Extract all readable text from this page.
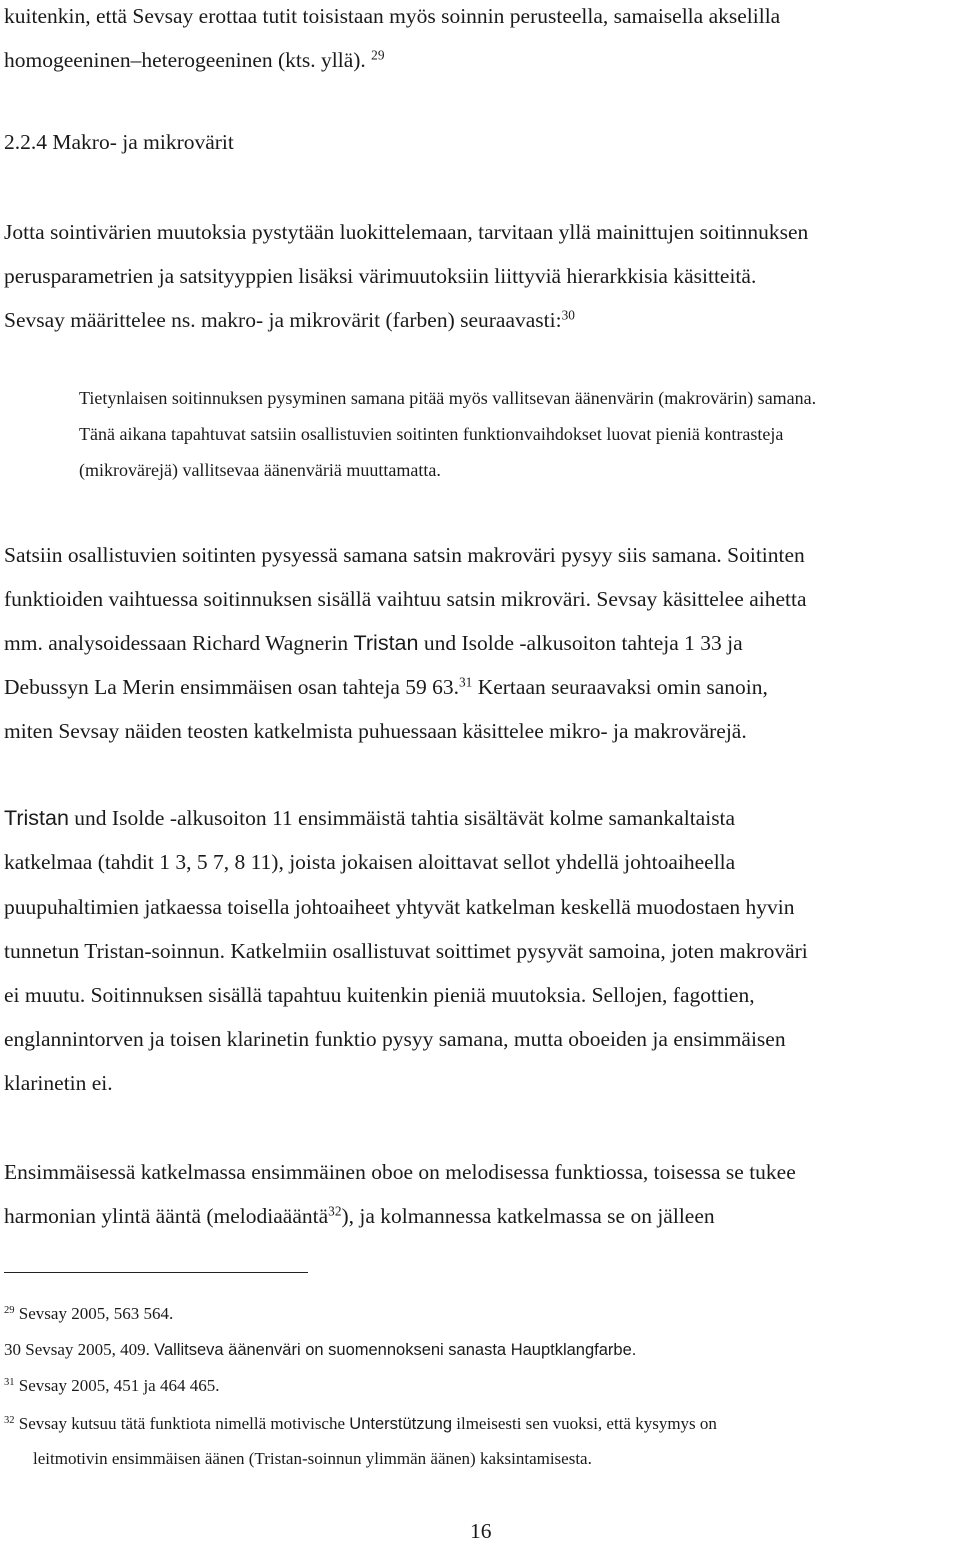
kuitenkin, että Sevsay erottaa tutit toisistaan myös soinnin perusteella, samaisella akselilla
homogeeninen–heterogeeninen (kts. yllä). $^{29}$
2.2.4 Makro- ja mikrovärit
Jotta sointivärien muutoksia pystytään luokittelemaan, tarvitaan yllä mainittujen soitinnuksen
perusparametrien ja satsityyppien lisäksi värimuutoksiin liittyviä hierarkkisia käsitteitä.
Sevsay määrittelee ns. makro- ja mikrovärit (farben) seuraavasti:$^{30}$
Tietynlaisen soitinnuksen pysyminen samana pitää myös vallitsevan äänenvärin (makrovärin) samana.
Tänä aikana tapahtuvat satsiin osallistuvien soitinten funktionvaihdokset luovat pieniä kontrasteja
(mikrovärejä) vallitsevaa äänenväriä muuttamatta.
Satsiin osallistuvien soitinten pysyessä samana satsin makroväri pysyy siis samana. Soitinten
funktioiden vaihtuessa soitinnuksen sisällä vaihtuu satsin mikroväri. Sevsay käsittelee aihetta
mm. analysoidessaan Richard Wagnerin Tristan und Isolde -alkusoiton tahteja 1 33 ja
Debussyn La Merin ensimmäisen osan tahteja 59 63.31 Kertaan seuraavaksi omin sanoin,
miten Sevsay näiden teosten katkelmista puhuessaan käsittelee mikro- ja makrovärejä.
Tristan und Isolde -alkusoiton 11 ensimmäistä tahtia sisältävät kolme samankaltaista
katkelmaa (tahdit 1 3, 5 7, 8 11), joista jokaisen aloittavat sellot yhdellä johtoaiheella
puupuhaltimien jatkaessa toisella johtoaiheet yhtyvät katkelman keskellä muodostaen hyvin
tunnetun Tristan-soinnun. Katkelmiin osallistuvat soittimet pysyvät samoina, joten makroväri
ei muutu. Soitinnuksen sisällä tapahtuu kuitenkin pieniä muutoksia. Sellojen, fagottien,
englannintorven ja toisen klarinetin funktio pysyy samana, mutta oboeiden ja ensimmäisen
klarinetin ei.
Ensimmäisessä katkelmassa ensimmäinen oboe on melodisessa funktiossa, toisessa se tukee
harmonian ylintä ääntä (melodiaääntä$^{32}$), ja kolmannessa katkelmassa se on jälleen
$^{29}$ Sevsay 2005, 563 564.
30 Sevsay 2005, 409. Vallitseva äänenväri on suomennokseni sanasta Hauptklangfarbe.
$^{31}$ Sevsay 2005, 451 ja 464 465.
$^{32}$ Sevsay kutsuu tätä funktiota nimellä motivische Unterstützung ilmeisesti sen vuoksi, että kysymys on
leitmotivin ensimmäisen äänen (Tristan-soinnun ylimmän äänen) kaksintamisesta.
16
